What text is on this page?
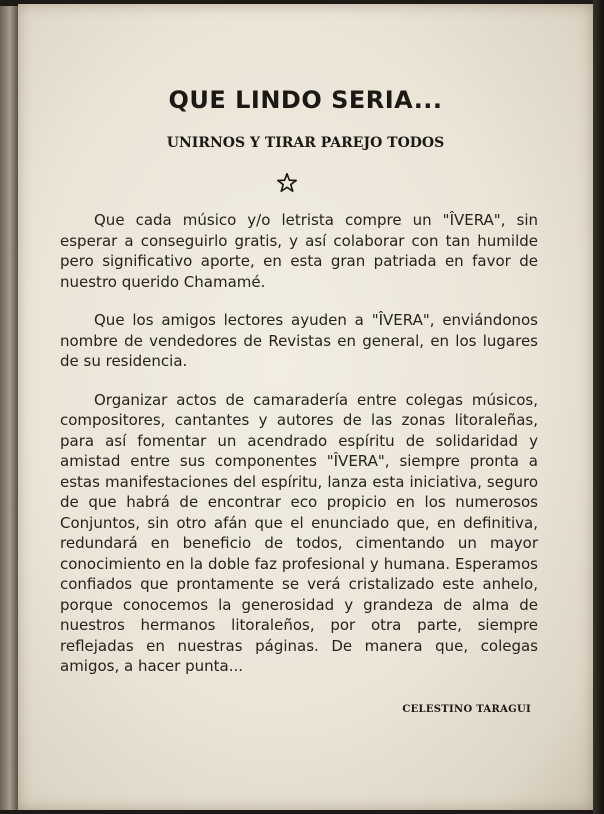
QUE LINDO SERIA...
UNIRNOS Y TIRAR PAREJO TODOS

Que cada músico y/o letrista compre un "ÎVERA", sin esperar a conseguirlo gratis, y así colaborar con tan humilde pero significativo aporte, en esta gran patriada en favor de nuestro querido Chamamé.

Que los amigos lectores ayuden a "ÎVERA", enviándonos nombre de vendedores de Revistas en general, en los lugares de su residencia.

Organizar actos de camaradería entre colegas músicos, compositores, cantantes y autores de las zonas litoraleñas, para así fomentar un acendrado espíritu de solidaridad y amistad entre sus componentes "ÎVERA", siempre pronta a estas manifestaciones del espíritu, lanza esta iniciativa, seguro de que habrá de encontrar eco propicio en los numerosos Conjuntos, sin otro afán que el enunciado que, en definitiva, redundará en beneficio de todos, cimentando un mayor conocimiento en la doble faz profesional y humana. Esperamos confiados que prontamente se verá cristalizado este anhelo, porque conocemos la generosidad y grandeza de alma de nuestros hermanos litoraleños, por otra parte, siempre reflejadas en nuestras páginas. De manera que, colegas amigos, a hacer punta...

CELESTINO TARAGUI
